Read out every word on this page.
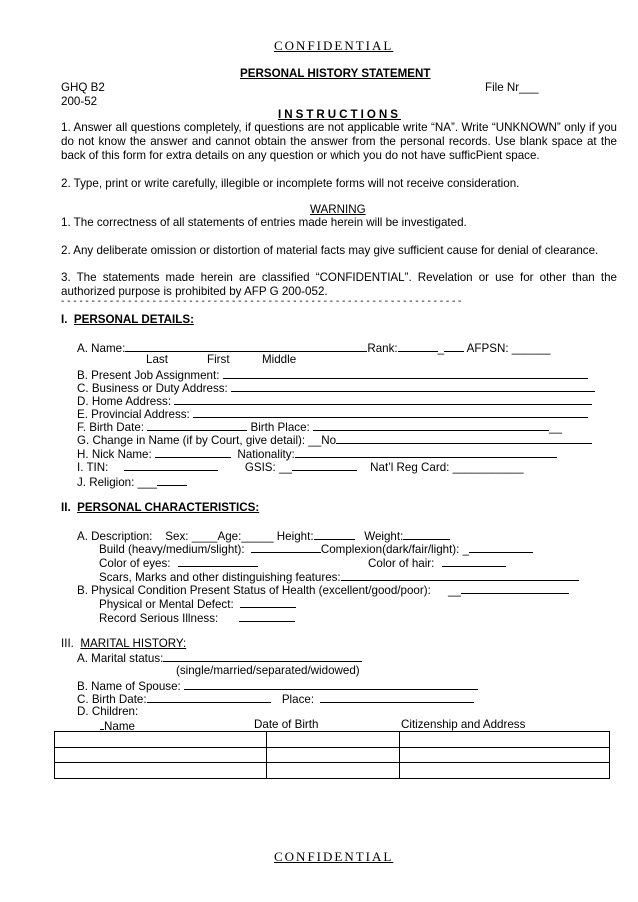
CONFIDENTIAL
PERSONAL HISTORY STATEMENT
GHQ B2	File Nr___
200-52
INSTRUCTIONS
1. Answer all questions completely, if questions are not applicable write “NA”. Write “UNKNOWN” only if you do not know the answer and cannot obtain the answer from the personal records. Use blank space at the back of this form for extra details on any question or which you do not have sufficPient space.
2. Type, print or write carefully, illegible or incomplete forms will not receive consideration.
WARNING
1. The correctness of all statements of entries made herein will be investigated.
2. Any deliberate omission or distortion of material facts may give sufficient cause for denial of clearance.
3. The statements made herein are classified “CONFIDENTIAL”. Revelation or use for other than the authorized purpose is prohibited by AFP G 200-052.
- - - - - - - - - - - - - - - - - - - - - - - - - - - - - - - - - - - - - - - - - - - - - - - - - - - - - - - - - - - - - - - - - -
I. PERSONAL DETAILS:
A. Name:	Rank:	_ AFPSN: ______
Last	First	Middle
B. Present Job Assignment:
C. Business or Duty Address:
D. Home Address:
E. Provincial Address:
F. Birth Date:	Birth Place:	__
G. Change in Name (if by Court, give detail): __No
H. Nick Name:	Nationality:
I. TIN:	GSIS: __	Nat’l Reg Card: ___________
J. Religion: ___
II. PERSONAL CHARACTERISTICS:
A. Description: Sex: ____Age:_____ Height:	Weight:
Build (heavy/medium/slight):	Complexion(dark/fair/light): _
Color of eyes:	Color of hair:
Scars, Marks and other distinguishing features:
B. Physical Condition Present Status of Health (excellent/good/poor): __
Physical or Mental Defect:
Record Serious Illness:
III. MARITAL HISTORY:
A. Marital status:
(single/married/separated/widowed)
B. Name of Spouse:
C. Birth Date:	Place:
D. Children:
Name	Date of Birth	Citizenship and Address

CONFIDENTIAL
